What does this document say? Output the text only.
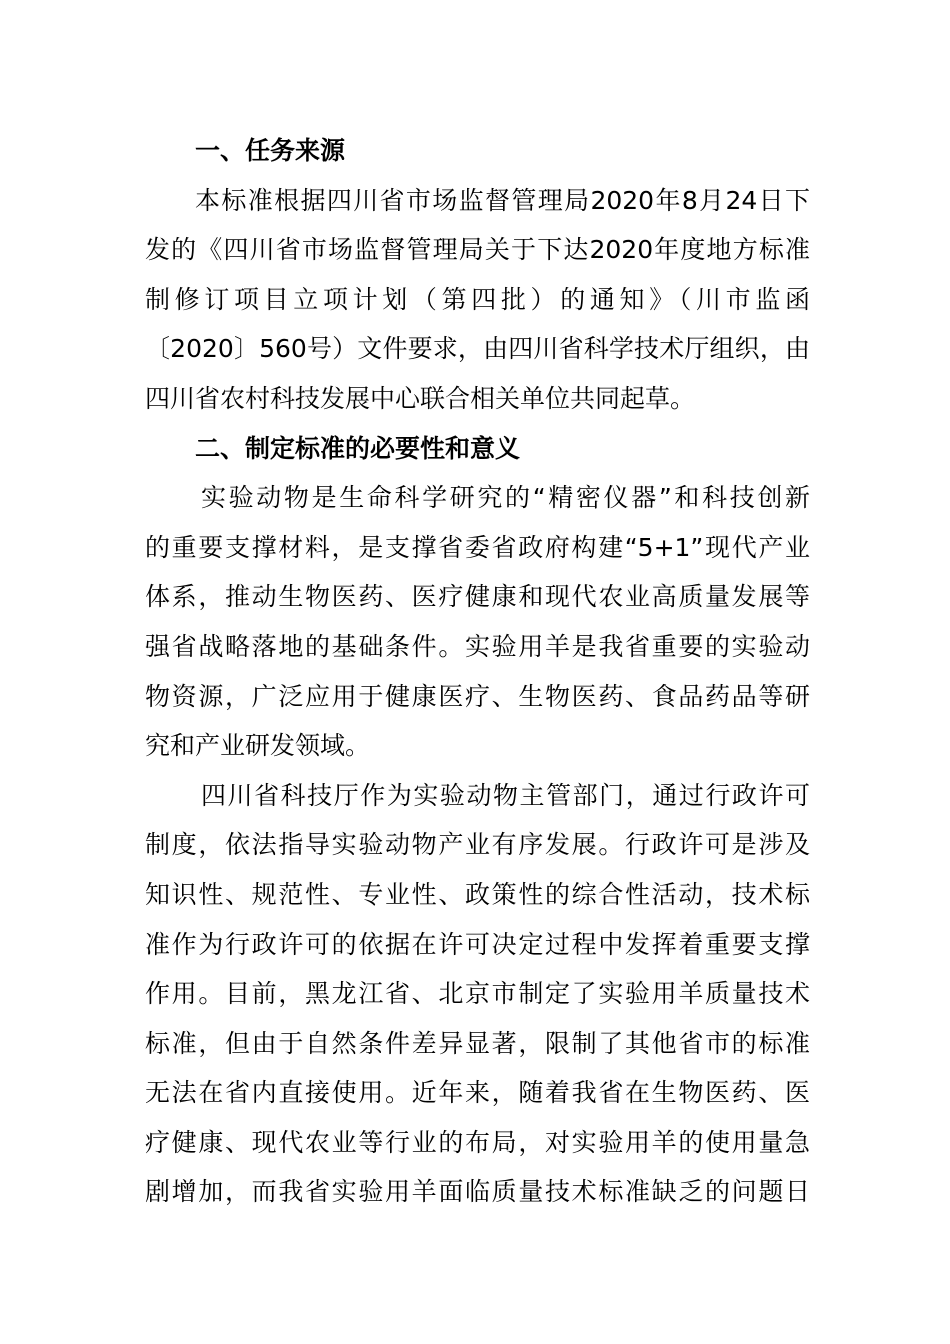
一、任务来源

本标准根据四川省市场监督管理局2020年8月24日下

发的《四川省市场监督管理局关于下达2020年度地方标准

制修订项目立项计划（第四批）的通知》（川市监函

〔2020〕560号）文件要求，由四川省科学技术厅组织，由

四川省农村科技发展中心联合相关单位共同起草。

二、制定标准的必要性和意义

实验动物是生命科学研究的“精密仪器”和科技创新

的重要支撑材料，是支撑省委省政府构建“5+1”现代产业

体系，推动生物医药、医疗健康和现代农业高质量发展等

强省战略落地的基础条件。实验用羊是我省重要的实验动

物资源，广泛应用于健康医疗、生物医药、食品药品等研

究和产业研发领域。

四川省科技厅作为实验动物主管部门，通过行政许可

制度，依法指导实验动物产业有序发展。行政许可是涉及

知识性、规范性、专业性、政策性的综合性活动，技术标

准作为行政许可的依据在许可决定过程中发挥着重要支撑

作用。目前，黑龙江省、北京市制定了实验用羊质量技术

标准，但由于自然条件差异显著，限制了其他省市的标准

无法在省内直接使用。近年来，随着我省在生物医药、医

疗健康、现代农业等行业的布局，对实验用羊的使用量急

剧增加，而我省实验用羊面临质量技术标准缺乏的问题日
